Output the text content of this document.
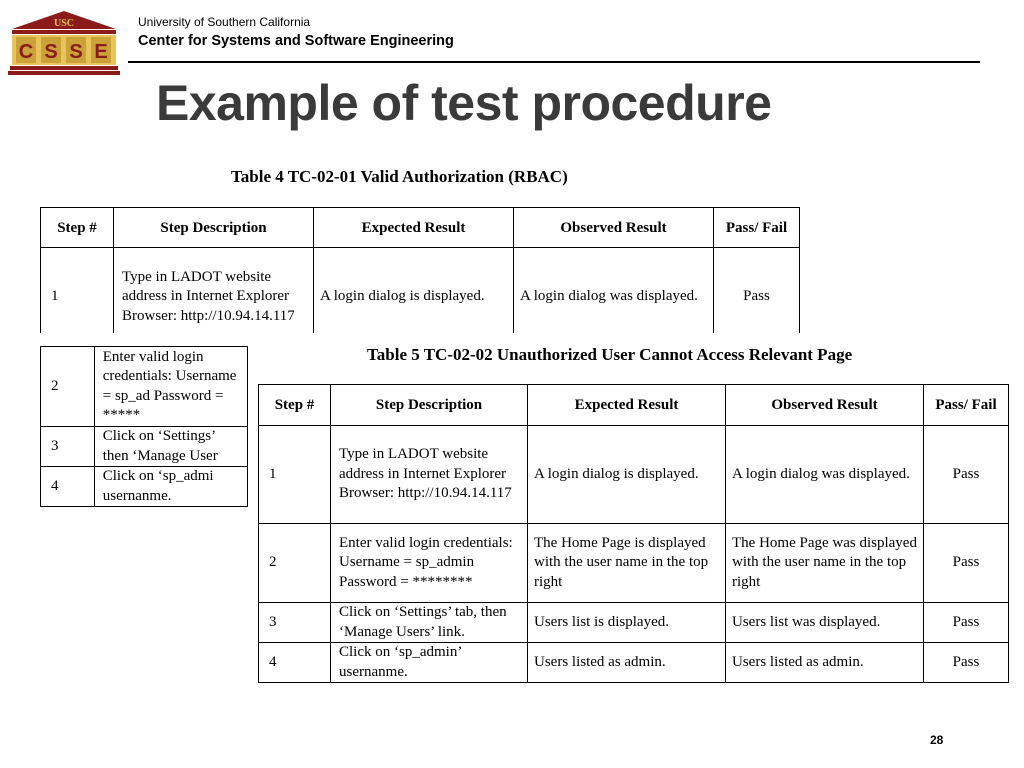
USC
C S S E
University of Southern California
Center for Systems and Software Engineering
Example of test procedure
Table 4 TC-02-01 Valid Authorization (RBAC)
Step #	Step Description	Expected Result	Observed Result	Pass/ Fail
1	Type in LADOT website address in Internet Explorer Browser: http://10.94.14.117	A login dialog is displayed.	A login dialog was displayed.	Pass
2	Enter valid login credentials: Username = sp_ad Password = *****
3	Click on ‘Settings’ then ‘Manage User
4	Click on ‘sp_admi usernanme.
Table 5 TC-02-02 Unauthorized User Cannot Access Relevant Page
Step #	Step Description	Expected Result	Observed Result	Pass/ Fail
1	Type in LADOT website address in Internet Explorer Browser: http://10.94.14.117	A login dialog is displayed.	A login dialog was displayed.	Pass
2	Enter valid login credentials: Username = sp_admin Password = ********	The Home Page is displayed with the user name in the top right	The Home Page was displayed with the user name in the top right	Pass
3	Click on ‘Settings’ tab, then ‘Manage Users’ link.	Users list is displayed.	Users list was displayed.	Pass
4	Click on ‘sp_admin’ usernanme.	Users listed as admin.	Users listed as admin.	Pass
28
